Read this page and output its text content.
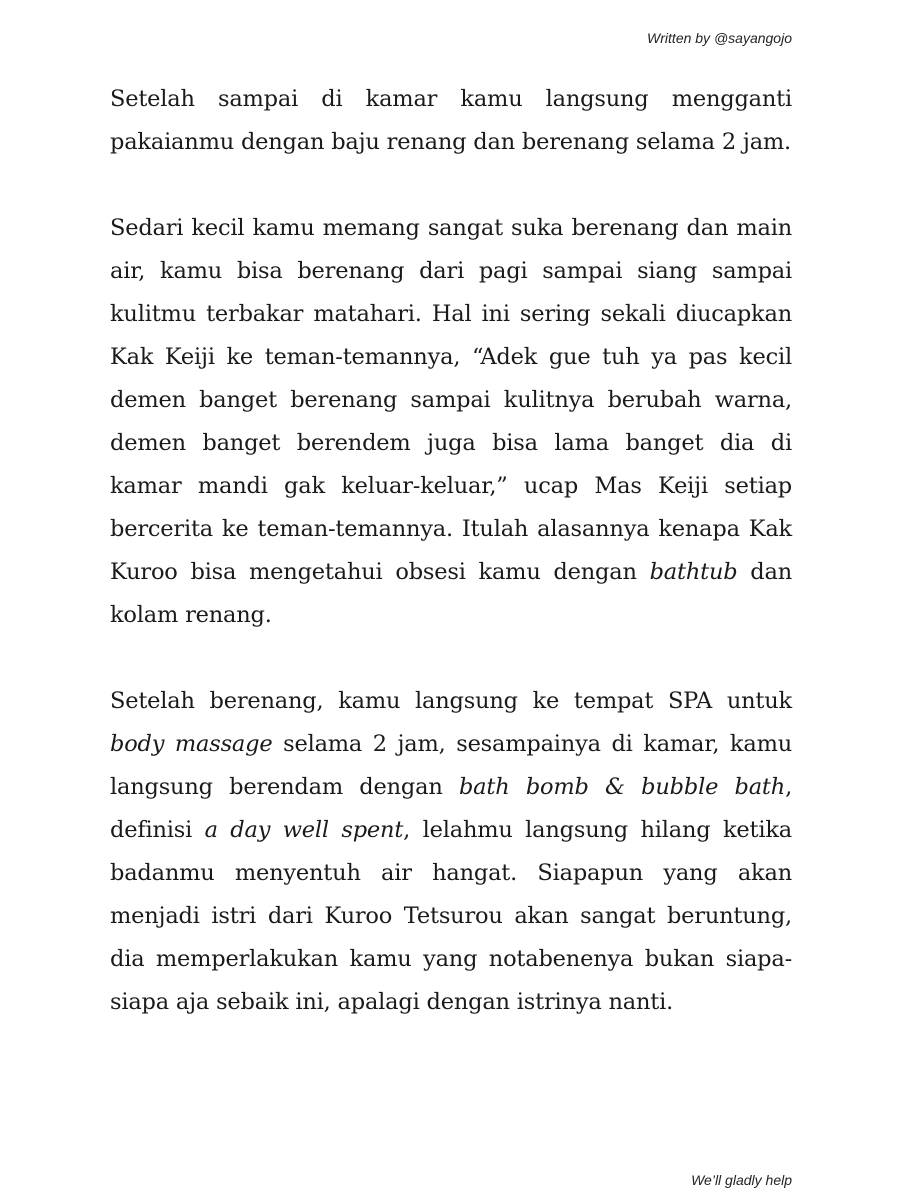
Written by @sayangojo

Setelah sampai di kamar kamu langsung mengganti pakaianmu dengan baju renang dan berenang selama 2 jam.

Sedari kecil kamu memang sangat suka berenang dan main air, kamu bisa berenang dari pagi sampai siang sampai kulitmu terbakar matahari. Hal ini sering sekali diucapkan Kak Keiji ke teman-temannya, “Adek gue tuh ya pas kecil demen banget berenang sampai kulitnya berubah warna, demen banget berendem juga bisa lama banget dia di kamar mandi gak keluar-keluar,” ucap Mas Keiji setiap bercerita ke teman-temannya. Itulah alasannya kenapa Kak Kuroo bisa mengetahui obsesi kamu dengan bathtub dan kolam renang.

Setelah berenang, kamu langsung ke tempat SPA untuk body massage selama 2 jam, sesampainya di kamar, kamu langsung berendam dengan bath bomb & bubble bath, definisi a day well spent, lelahmu langsung hilang ketika badanmu menyentuh air hangat. Siapapun yang akan menjadi istri dari Kuroo Tetsurou akan sangat beruntung, dia memperlakukan kamu yang notabenenya bukan siapa-siapa aja sebaik ini, apalagi dengan istrinya nanti.

We’ll gladly help
